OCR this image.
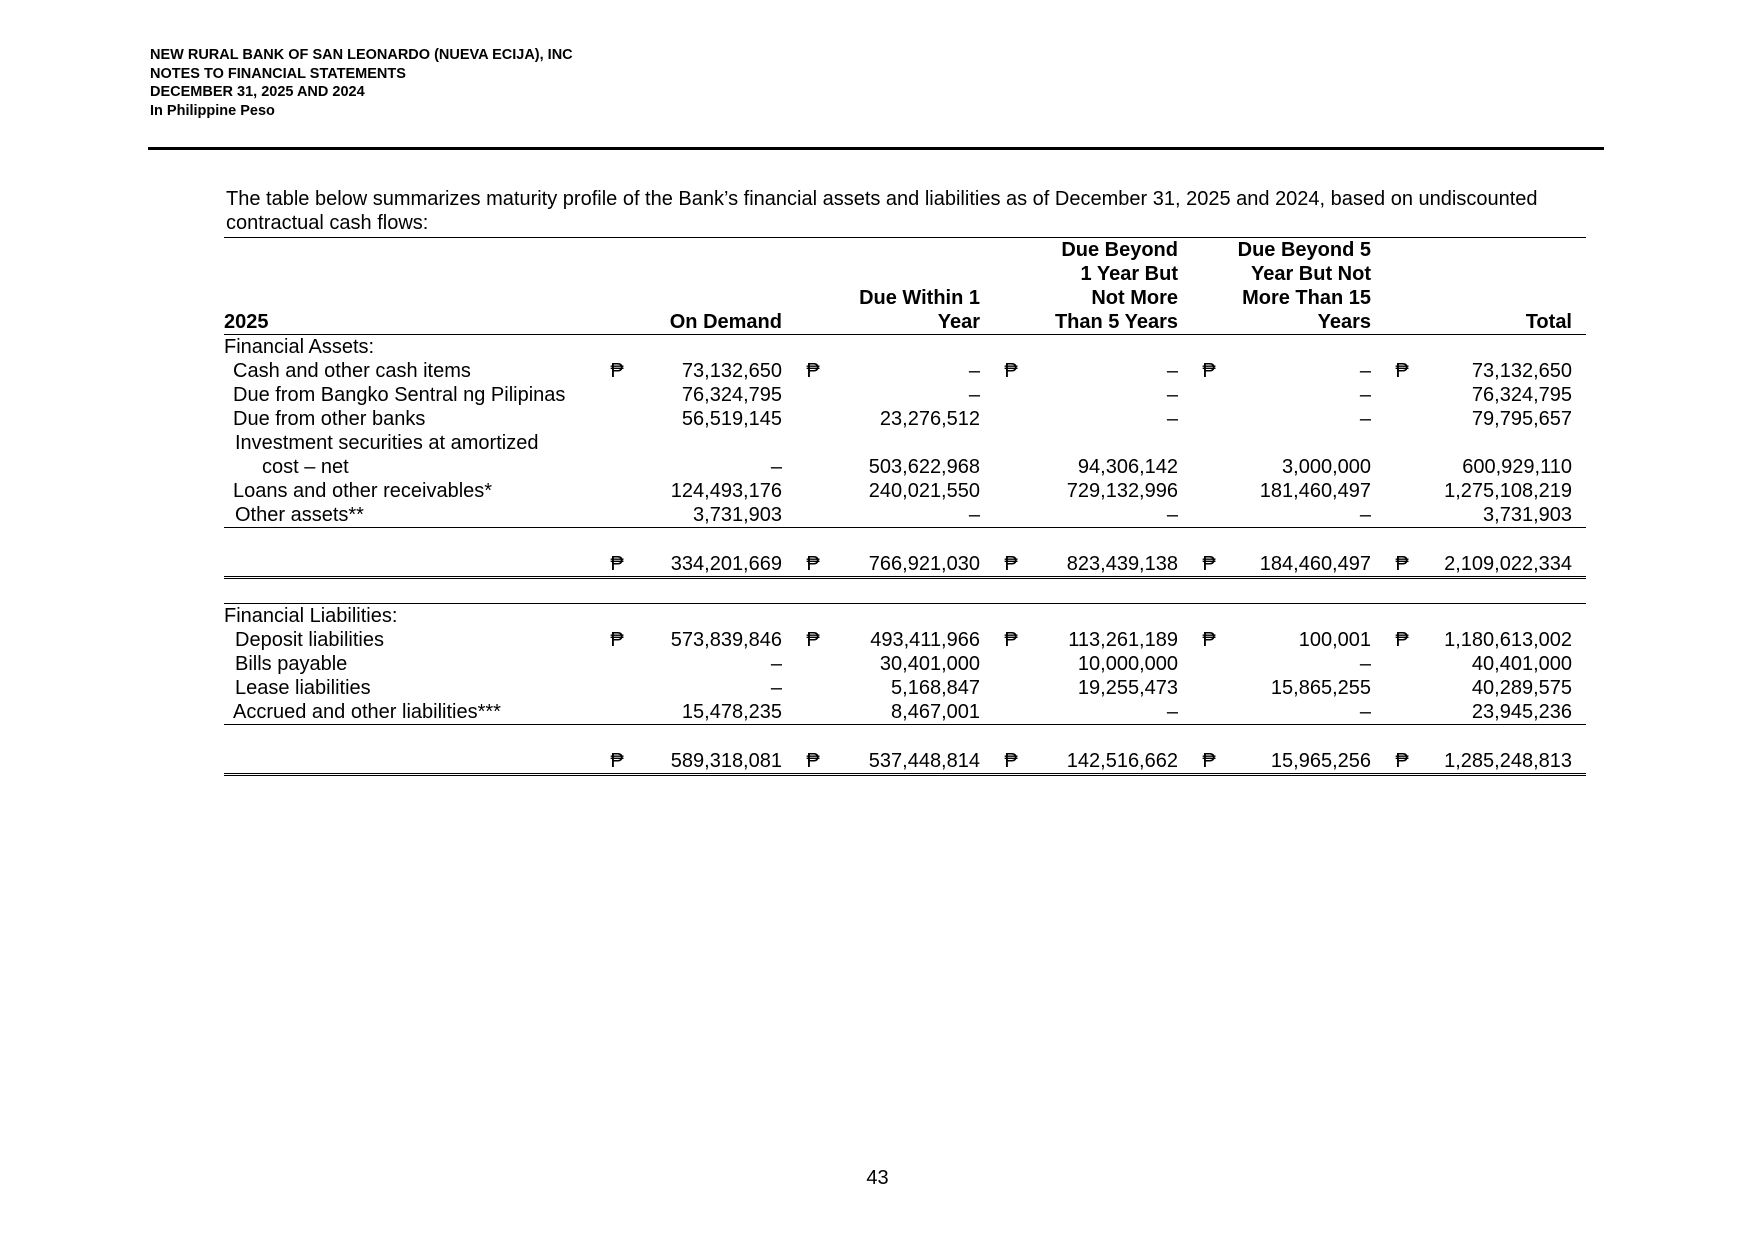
NEW RURAL BANK OF SAN LEONARDO (NUEVA ECIJA), INC
NOTES TO FINANCIAL STATEMENTS
DECEMBER 31, 2025 AND 2024
In Philippine Peso
The table below summarizes maturity profile of the Bank’s financial assets and liabilities as of December 31, 2025 and 2024, based on undiscounted contractual cash flows:
						Due Beyond		Due Beyond 5		
						1 Year But		Year But Not		
				Due Within 1		Not More		More Than 15		
2025		On Demand		Year		Than 5 Years		Years		Total
Financial Assets:										
Cash and other cash items	₱	73,132,650	₱	–	₱	–	₱	–	₱	73,132,650
Due from Bangko Sentral ng Pilipinas		76,324,795		–		–		–		76,324,795
Due from other banks		56,519,145		23,276,512		–		–		79,795,657
Investment securities at amortized										
cost – net		–		503,622,968		94,306,142		3,000,000		600,929,110
Loans and other receivables*		124,493,176		240,021,550		729,132,996		181,460,497		1,275,108,219
Other assets**		3,731,903		–		–		–		3,731,903

	₱	334,201,669	₱	766,921,030	₱	823,439,138	₱	184,460,497	₱	2,109,022,334

Financial Liabilities:										
Deposit liabilities	₱	573,839,846	₱	493,411,966	₱	113,261,189	₱	100,001	₱	1,180,613,002
Bills payable		–		30,401,000		10,000,000		–		40,401,000
Lease liabilities		–		5,168,847		19,255,473		15,865,255		40,289,575
Accrued and other liabilities***		15,478,235		8,467,001		–		–		23,945,236

	₱	589,318,081	₱	537,448,814	₱	142,516,662	₱	15,965,256	₱	1,285,248,813
43
